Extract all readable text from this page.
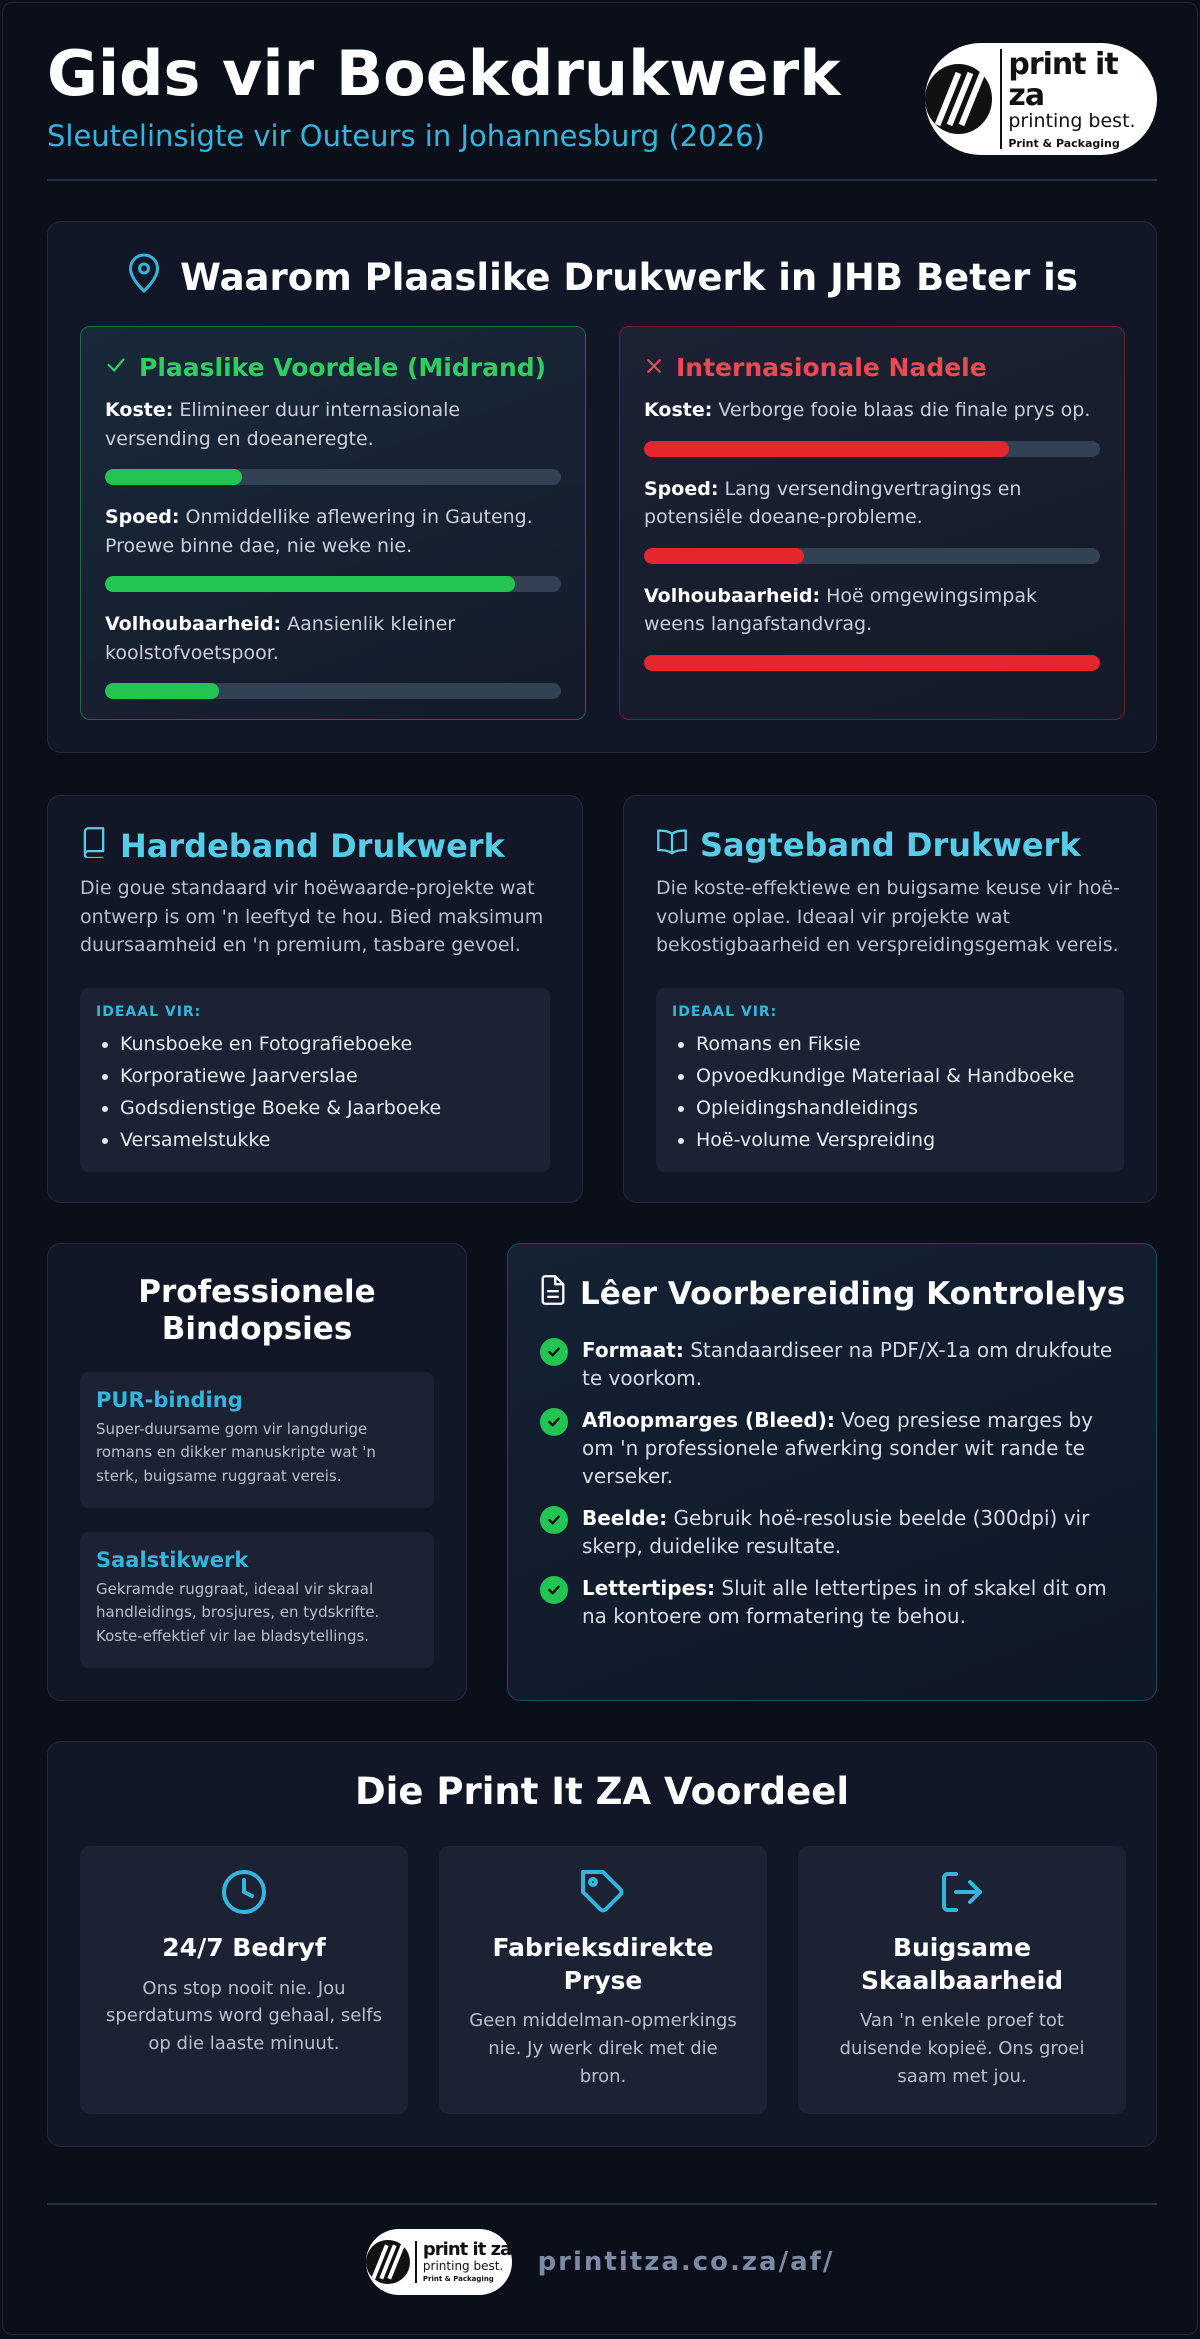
Gids vir Boekdrukwerk
Sleutelinsigte vir Outeurs in Johannesburg (2026)
print it za
printing best.
Print & Packaging
Waarom Plaaslike Drukwerk in JHB Beter is
Plaaslike Voordele (Midrand)
Koste: Elimineer duur internasionale versending en doeaneregte.
Spoed: Onmiddellike aflewering in Gauteng. Proewe binne dae, nie weke nie.
Volhoubaarheid: Aansienlik kleiner koolstofvoetspoor.
Internasionale Nadele
Koste: Verborge fooie blaas die finale prys op.
Spoed: Lang versendingvertragings en potensiële doeane-probleme.
Volhoubaarheid: Hoë omgewingsimpak weens langafstandvrag.
Hardeband Drukwerk
Die goue standaard vir hoëwaarde-projekte wat ontwerp is om 'n leeftyd te hou. Bied maksimum duursaamheid en 'n premium, tasbare gevoel.
IDEAAL VIR:
• Kunsboeke en Fotografieboeke
• Korporatiewe Jaarverslae
• Godsdienstige Boeke & Jaarboeke
• Versamelstukke
Sagteband Drukwerk
Die koste-effektiewe en buigsame keuse vir hoë-volume oplae. Ideaal vir projekte wat bekostigbaarheid en verspreidingsgemak vereis.
IDEAAL VIR:
• Romans en Fiksie
• Opvoedkundige Materiaal & Handboeke
• Opleidingshandleidings
• Hoë-volume Verspreiding
Professionele Bindopsies
PUR-binding
Super-duursame gom vir langdurige romans en dikker manuskripte wat 'n sterk, buigsame ruggraat vereis.
Saalstikwerk
Gekramde ruggraat, ideaal vir skraal handleidings, brosjures, en tydskrifte. Koste-effektief vir lae bladsytellings.
Lêer Voorbereiding Kontrolelys
Formaat: Standaardiseer na PDF/X-1a om drukfoute te voorkom.
Afloopmarges (Bleed): Voeg presiese marges by om 'n professionele afwerking sonder wit rande te verseker.
Beelde: Gebruik hoë-resolusie beelde (300dpi) vir skerp, duidelike resultate.
Lettertipes: Sluit alle lettertipes in of skakel dit om na kontoere om formatering te behou.
Die Print It ZA Voordeel
24/7 Bedryf
Ons stop nooit nie. Jou sperdatums word gehaal, selfs op die laaste minuut.
Fabrieksdirekte Pryse
Geen middelman-opmerkings nie. Jy werk direk met die bron.
Buigsame Skaalbaarheid
Van 'n enkele proef tot duisende kopieë. Ons groei saam met jou.
print it za
printing best.
Print & Packaging
printitza.co.za/af/
